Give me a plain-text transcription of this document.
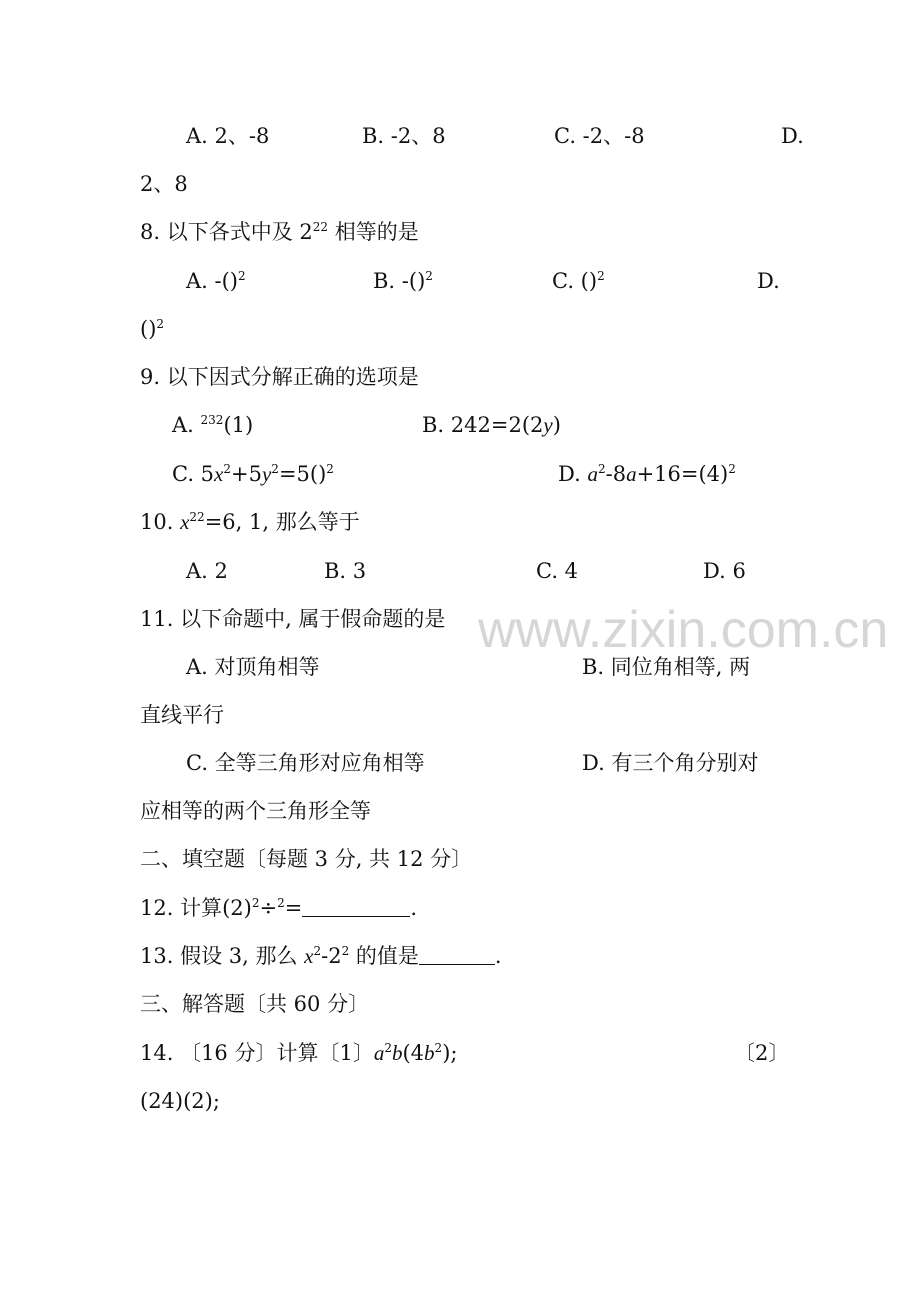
www.zixin.com.cn
A. 2、-8	B. -2、8	C. -2、-8	D.
2、8
8. 以下各式中及 $2^{22}$ 相等的是
A. -()$^2$	B. -()$^2$	C. ()$^2$	D.
()$^2$
9. 以下因式分解正确的选项是
A. $^{232}$(1)	B. 242=2(2y)
C. $5x^2+5y^2=5()^2$	D. $a^2-8a+16=(4)^2$
10. $x^{22}=6$, 1, 那么等于
A. 2	B. 3	C. 4	D. 6
11. 以下命题中, 属于假命题的是
A. 对顶角相等	B. 同位角相等, 两
直线平行
C. 全等三角形对应角相等	D. 有三个角分别对
应相等的两个三角形全等
二、填空题〔每题 3 分, 共 12 分〕
12. 计算$(2)^2\div^2=$	.
13. 假设 3, 那么 $x^2-2^2$ 的值是	.
三、解答题〔共 60 分〕
14. 〔16 分〕计算〔1〕$a^2b(4b^2)$;	〔2〕
(24)(2);
